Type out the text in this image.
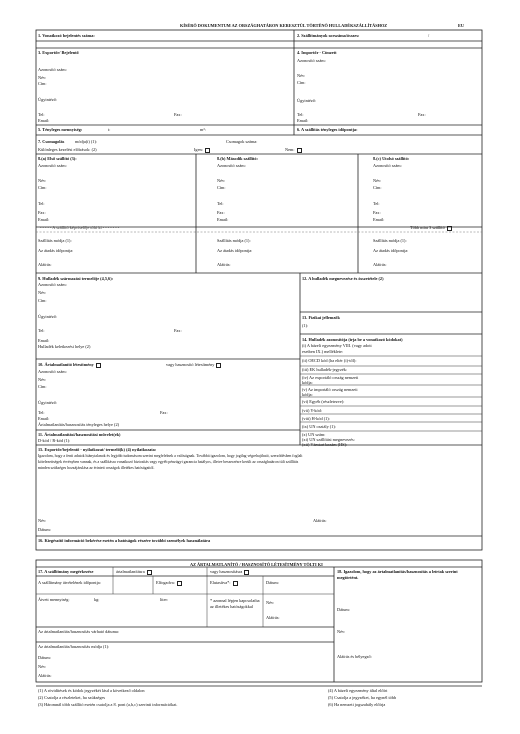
KÍSÉRŐ DOKUMENTUM AZ ORSZÁGHATÁRON KERESZTÜL TÖRTÉNŐ HULLADÉKSZÁLLÍTÁSHOZ	EU
1. Vonatkozó bejelentés száma:	2. Szállítmányok sorszáma/összes:	/
3. Exportőr/ Bejelentő
Azonosító szám:
Név:
Cím:
Ügyintéző:
Tel:	Fax:
Email:
4. Importőr - Címzett
Azonosító szám:
Név:
Cím:
Ügyintéző:
Tel:	Fax:
Email:
5. Tényleges mennyiség:	t:	m³:	6. A szállítás tényleges időpontja:
7. Csomagolás módja(i) (1):	Csomagok száma:
Különleges kezelési előírások: (2)	Igen:	Nem:
8.(a) Első szállító (3):
Azonosító szám:
Név:
Cím:
Tel:
Fax:
Email:
8.(b) Második szállító:
Azonosító szám:
Név:
Cím:
Tel:
Fax:
Email:
8.(c) Utolsó szállító:
Azonosító szám:
Név:
Cím:
Tel:
Fax:
Email:
- - - - - A szállító képviselője tölti ki - - - - - - -	Több mint 3 szállító
Szállítás módja (1):
Az átadás időpontja:
Aláírás:
Szállítás módja (1):
Az átadás időpontja:
Aláírás:
Szállítás módja (1):
Az átadás időpontja:
Aláírás:
9. Hulladék származási termelője (4,5,6):
Azonosító szám:
Név:
Cím:
Ügyintéző:
Tel:	Fax:
Email:
Hulladék keletkezési helye (2)
12. A hulladék megnevezése és összetétele (2)
13. Fizikai jellemzők
(1):
14. Hulladék azonosítója (írja be a vonatkozó kódokat)
(i) A bázeli egyezmény VIII. (vagy adott
esetben IX.) melléklete:
(ii) OECD kód (ha eltér (i)-től):
(iii) EK hulladék-jegyzék:
(iv) Az exportáló ország nemzeti
kódja:
(v) Az importáló ország nemzeti
kódja:
(vi) Egyéb (részletezve):
(vii) Y-kód:
(viii) H-kód (1):
(ix) UN osztály (1):
(x) UN szám:
(xi) UN szállítási megnevezés:
(xii) Vámtarifaszám (HS):
10. Ártalmatlanító létesítmény	vagy hasznosító létesítmény
Azonosító szám:
Név:
Cím:
Ügyintéző:
Tel:	Fax:
Email:
Ártalmatlanítás/hasznosítás tényleges helye (2)
11. Ártalmatlanítási/hasznosítási művelet(ek)
D-kód / R-kód (1):
15. Exportőr/bejelentő - nyilatkozat/ termelő(k) (4) nyilatkozata:
Igazolom, hogy a fenti adatok hiánytalanok és legjobb tudomásom szerint megfelelnek a valóságnak. Továbbá igazolom, hogy jogilag végrehajtható, szerződésben foglalt
kötelezettségek érvényben vannak, és a szállításra vonatkozó biztosítás vagy egyéb pénzügyi garancia hatályos, illetve beszerzésre került az országhatáron túli szállítás
minden szükséges hozzájárulása az érintett országok illetékes hatóságaitól.
Név:	Aláírás:
Dátum:
16. Kiegészítő információ bekérése esetén a hatóságok részére további személyek használatára
AZ ÁRTALMATLANÍTÓ / HASZNOSÍTÓ LÉTESÍTMÉNY TÖLTI KI
17. A szállítmány megérkezése	ártalmatlanításra	vagy hasznosításra
A szállítmány átvételének időpontja:	Elfogadva:	Elutasítva*:
Átvett mennyiség:	kg:	liter:	* azonnal lépjen kapcsolatba az illetékes hatóságokkal
Dátum:
Név:
Aláírás:
Az ártalmatlanítás/hasznosítás várható dátuma:
Az ártalmatlanítás/hasznosítás módja (1):
Dátum:
Név:
Aláírás:
18. Igazolom, hogy az ártalmatlanítás/hasznosítás a leírtak szerint megtörtént.
Dátum:
Név:
Aláírás és bélyegző:
(1) A rövidítések és kódok jegyzékét lásd a következő oldalon
(2) Csatolja a részleteket, ha szükséges
(3) Háromnál több szállító esetén csatolja a 8. pont (a,b,c) szerinti információkat.
(4) A bázeli egyezmény által előírt
(5) Csatolja a jegyzéket, ha egynél több
(6) Ha nemzeti jogszabály előírja
